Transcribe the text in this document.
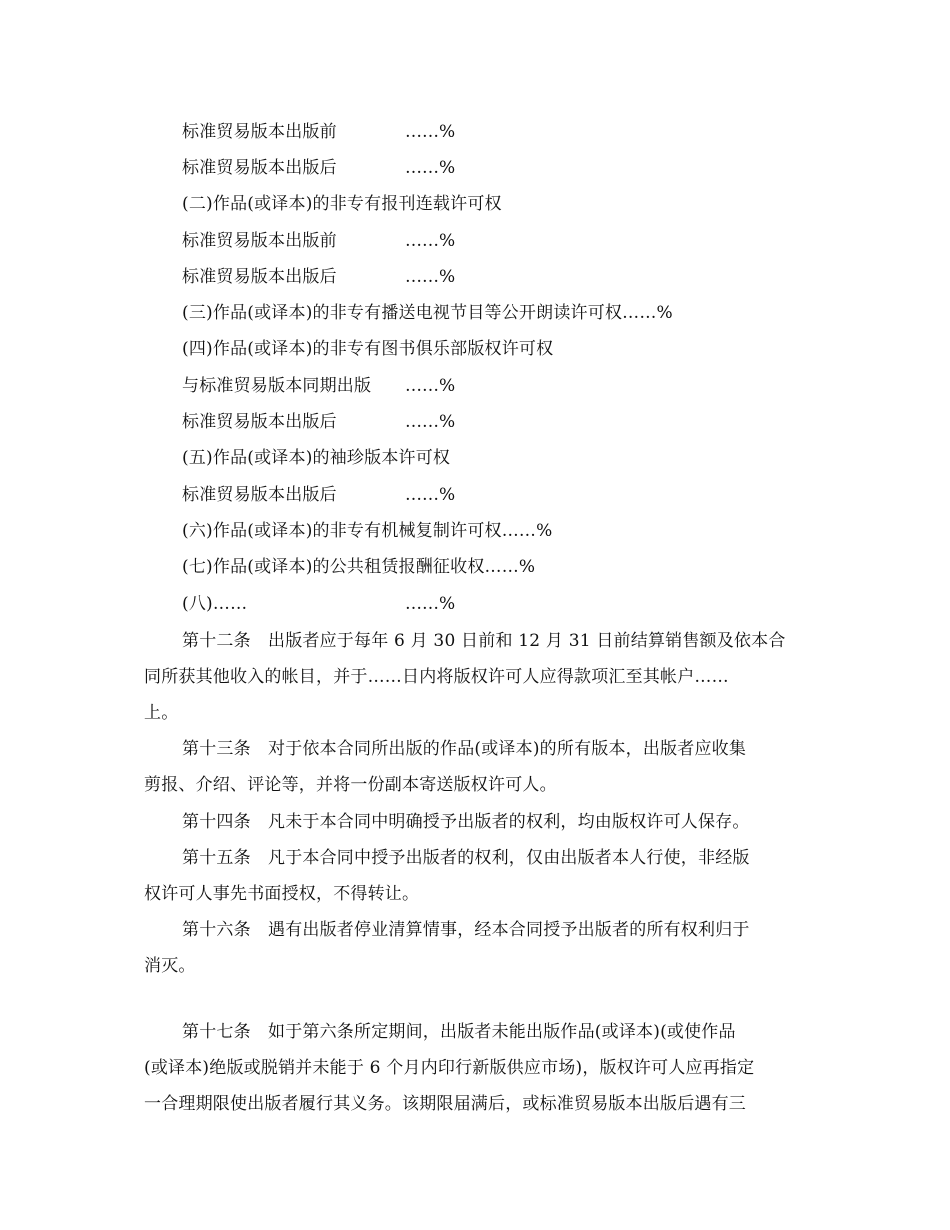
标准贸易版本出版前	……%
标准贸易版本出版后	……%
(二)作品(或译本)的非专有报刊连载许可权
标准贸易版本出版前	……%
标准贸易版本出版后	……%
(三)作品(或译本)的非专有播送电视节目等公开朗读许可权……%
(四)作品(或译本)的非专有图书俱乐部版权许可权
与标准贸易版本同期出版 ……%
标准贸易版本出版后	……%
(五)作品(或译本)的袖珍版本许可权
标准贸易版本出版后	……%
(六)作品(或译本)的非专有机械复制许可权……%
(七)作品(或译本)的公共租赁报酬征收权……%
(八)……	……%
第十二条　出版者应于每年 6 月 30 日前和 12 月 31 日前结算销售额及依本合
同所获其他收入的帐目，并于……日内将版权许可人应得款项汇至其帐户……
上。
第十三条　对于依本合同所出版的作品(或译本)的所有版本，出版者应收集
剪报、介绍、评论等，并将一份副本寄送版权许可人。
第十四条　凡未于本合同中明确授予出版者的权利，均由版权许可人保存。
第十五条　凡于本合同中授予出版者的权利，仅由出版者本人行使，非经版
权许可人事先书面授权，不得转让。
第十六条　遇有出版者停业清算情事，经本合同授予出版者的所有权利归于
消灭。
第十七条　如于第六条所定期间，出版者未能出版作品(或译本)(或使作品
(或译本)绝版或脱销并未能于 6 个月内印行新版供应市场)，版权许可人应再指定
一合理期限使出版者履行其义务。该期限届满后，或标准贸易版本出版后遇有三
